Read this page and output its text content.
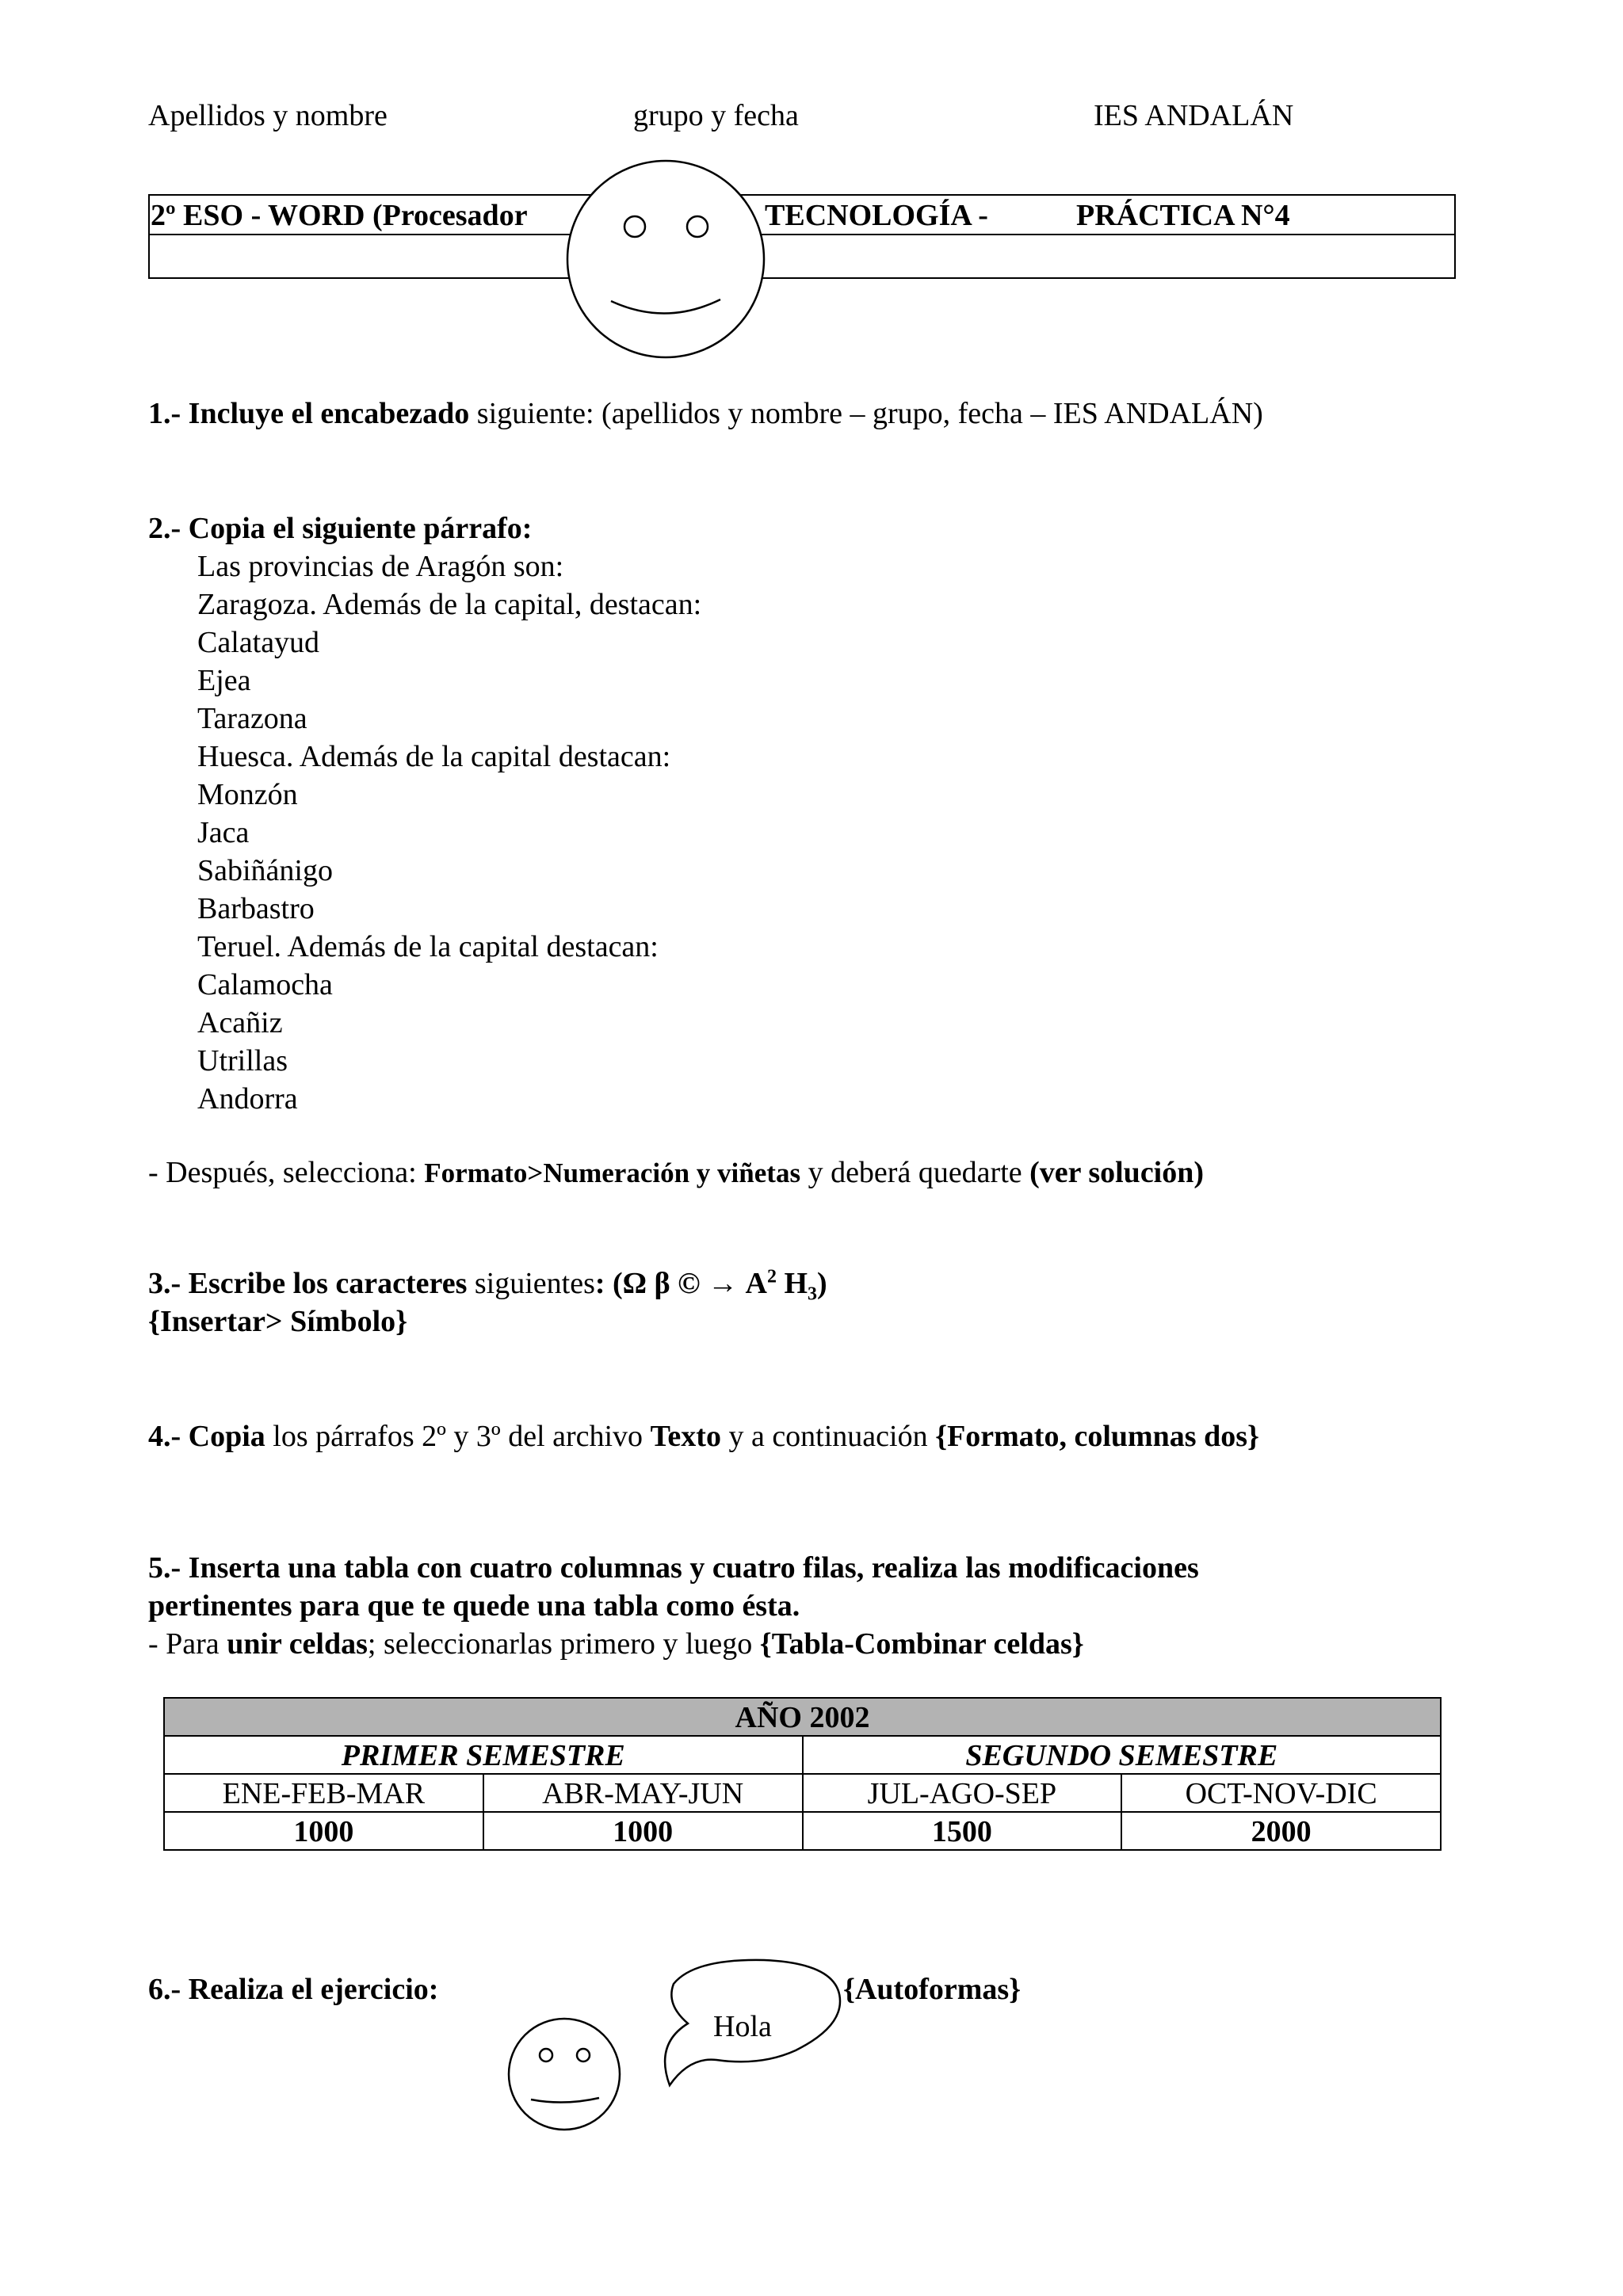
Apellidos y nombre	grupo y fecha	IES ANDALÁN
2º ESO - WORD (Procesador	TECNOLOGÍA -	PRÁCTICA N°4
1.- Incluye el encabezado siguiente: (apellidos y nombre – grupo, fecha – IES ANDALÁN)
2.- Copia el siguiente párrafo:
Las provincias de Aragón son:
Zaragoza. Además de la capital, destacan:
Calatayud
Ejea
Tarazona
Huesca. Además de la capital destacan:
Monzón
Jaca
Sabiñánigo
Barbastro
Teruel. Además de la capital destacan:
Calamocha
Acañiz
Utrillas
Andorra
- Después, selecciona: Formato>Numeración y viñetas y deberá quedarte (ver solución)
3.- Escribe los caracteres siguientes: (Ω β © → $A^2$ $H_3$)
{Insertar> Símbolo}
4.- Copia los párrafos 2º y 3º del archivo Texto y a continuación {Formato, columnas dos}
5.- Inserta una tabla con cuatro columnas y cuatro filas, realiza las modificaciones
pertinentes para que te quede una tabla como ésta.
- Para unir celdas; seleccionarlas primero y luego {Tabla-Combinar celdas}
AÑO 2002			
PRIMER SEMESTRE		SEGUNDO SEMESTRE	
ENE-FEB-MAR	ABR-MAY-JUN	JUL-AGO-SEP	OCT-NOV-DIC
1000	1000	1500	2000
6.- Realiza el ejercicio:	{Autoformas}
Hola
